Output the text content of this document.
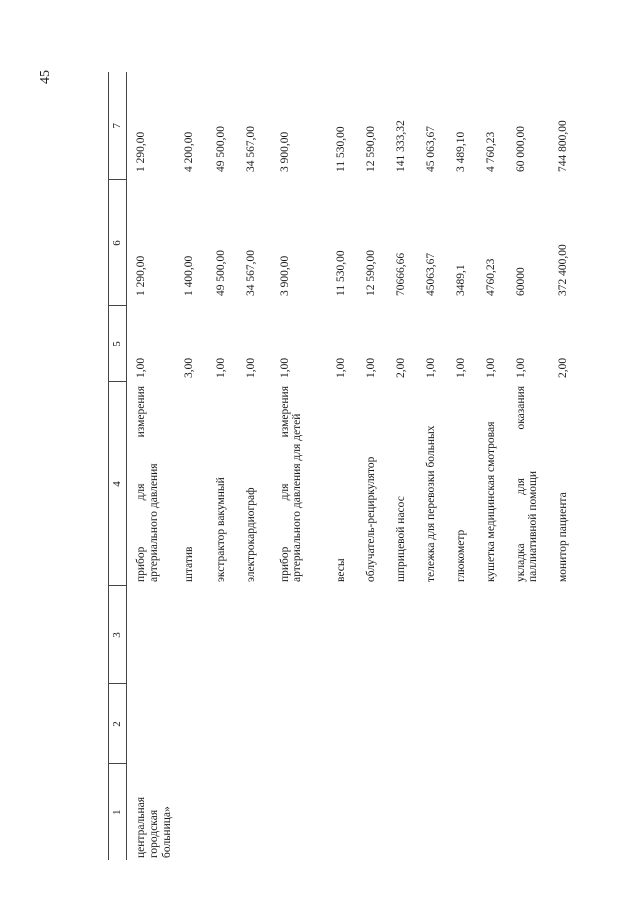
45
1	2	3	4	5	6	7
центральная городская больница»			прибор для измерения артериального давления	1,00	1 290,00	1 290,00
			штатив	3,00	1 400,00	4 200,00
			экстрактор вакумный	1,00	49 500,00	49 500,00
			электрокардиограф	1,00	34 567,00	34 567,00

			прибор для измерения артериального давления для детей	1,00	3 900,00	3 900,00
			весы	1,00	11 530,00	11 530,00
			облучатель-рециркулятор	1,00	12 590,00	12 590,00
			шприцевой насос	2,00	70666,66	141 333,32
			тележка для перевозки больных	1,00	45063,67	45 063,67
			глюкометр	1,00	3489,1	3 489,10
			кушетка медицинская смотровая	1,00	4760,23	4 760,23

			укладка для оказания паллиативной помощи	1,00	60000	60 000,00
			монитор пациента	2,00	372 400,00	744 800,00
